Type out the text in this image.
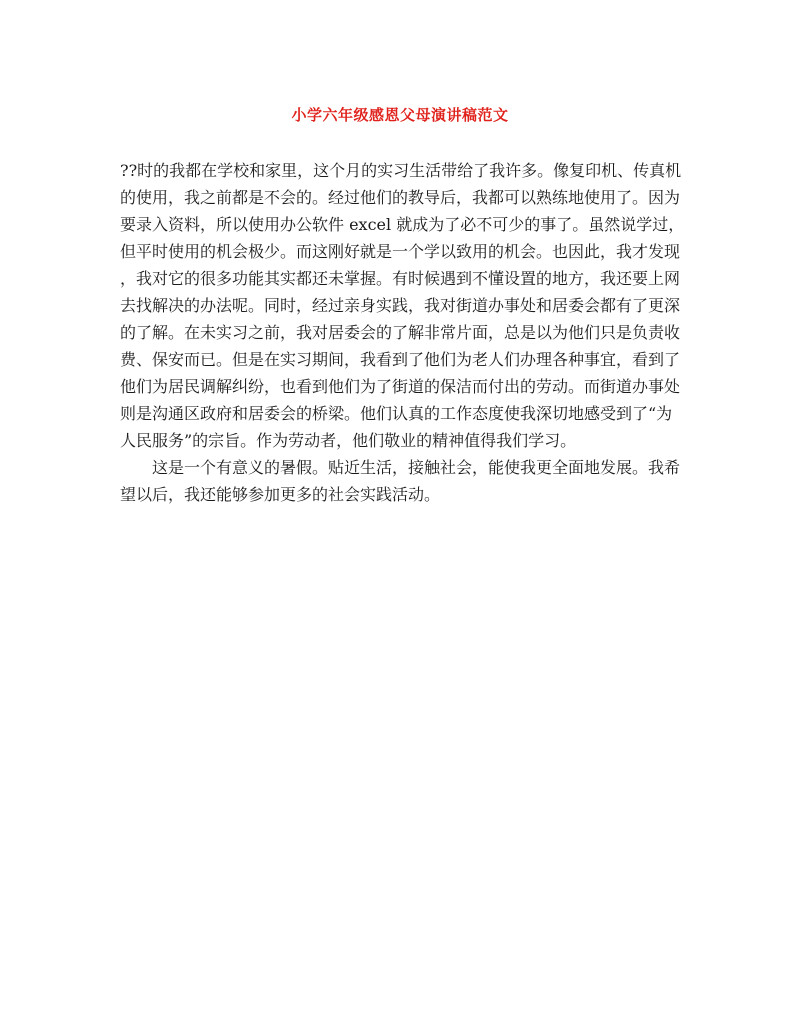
小学六年级感恩父母演讲稿范文
??时的我都在学校和家里，这个月的实习生活带给了我许多。像复印机、传真机
的使用，我之前都是不会的。经过他们的教导后，我都可以熟练地使用了。因为
要录入资料，所以使用办公软件 excel 就成为了必不可少的事了。虽然说学过，
但平时使用的机会极少。而这刚好就是一个学以致用的机会。也因此，我才发现
，我对它的很多功能其实都还未掌握。有时候遇到不懂设置的地方，我还要上网
去找解决的办法呢。同时，经过亲身实践，我对街道办事处和居委会都有了更深
的了解。在未实习之前，我对居委会的了解非常片面，总是以为他们只是负责收
费、保安而已。但是在实习期间，我看到了他们为老人们办理各种事宜，看到了
他们为居民调解纠纷，也看到他们为了街道的保洁而付出的劳动。而街道办事处
则是沟通区政府和居委会的桥梁。他们认真的工作态度使我深切地感受到了“为
人民服务”的宗旨。作为劳动者，他们敬业的精神值得我们学习。
　　这是一个有意义的暑假。贴近生活，接触社会，能使我更全面地发展。我希
望以后，我还能够参加更多的社会实践活动。
